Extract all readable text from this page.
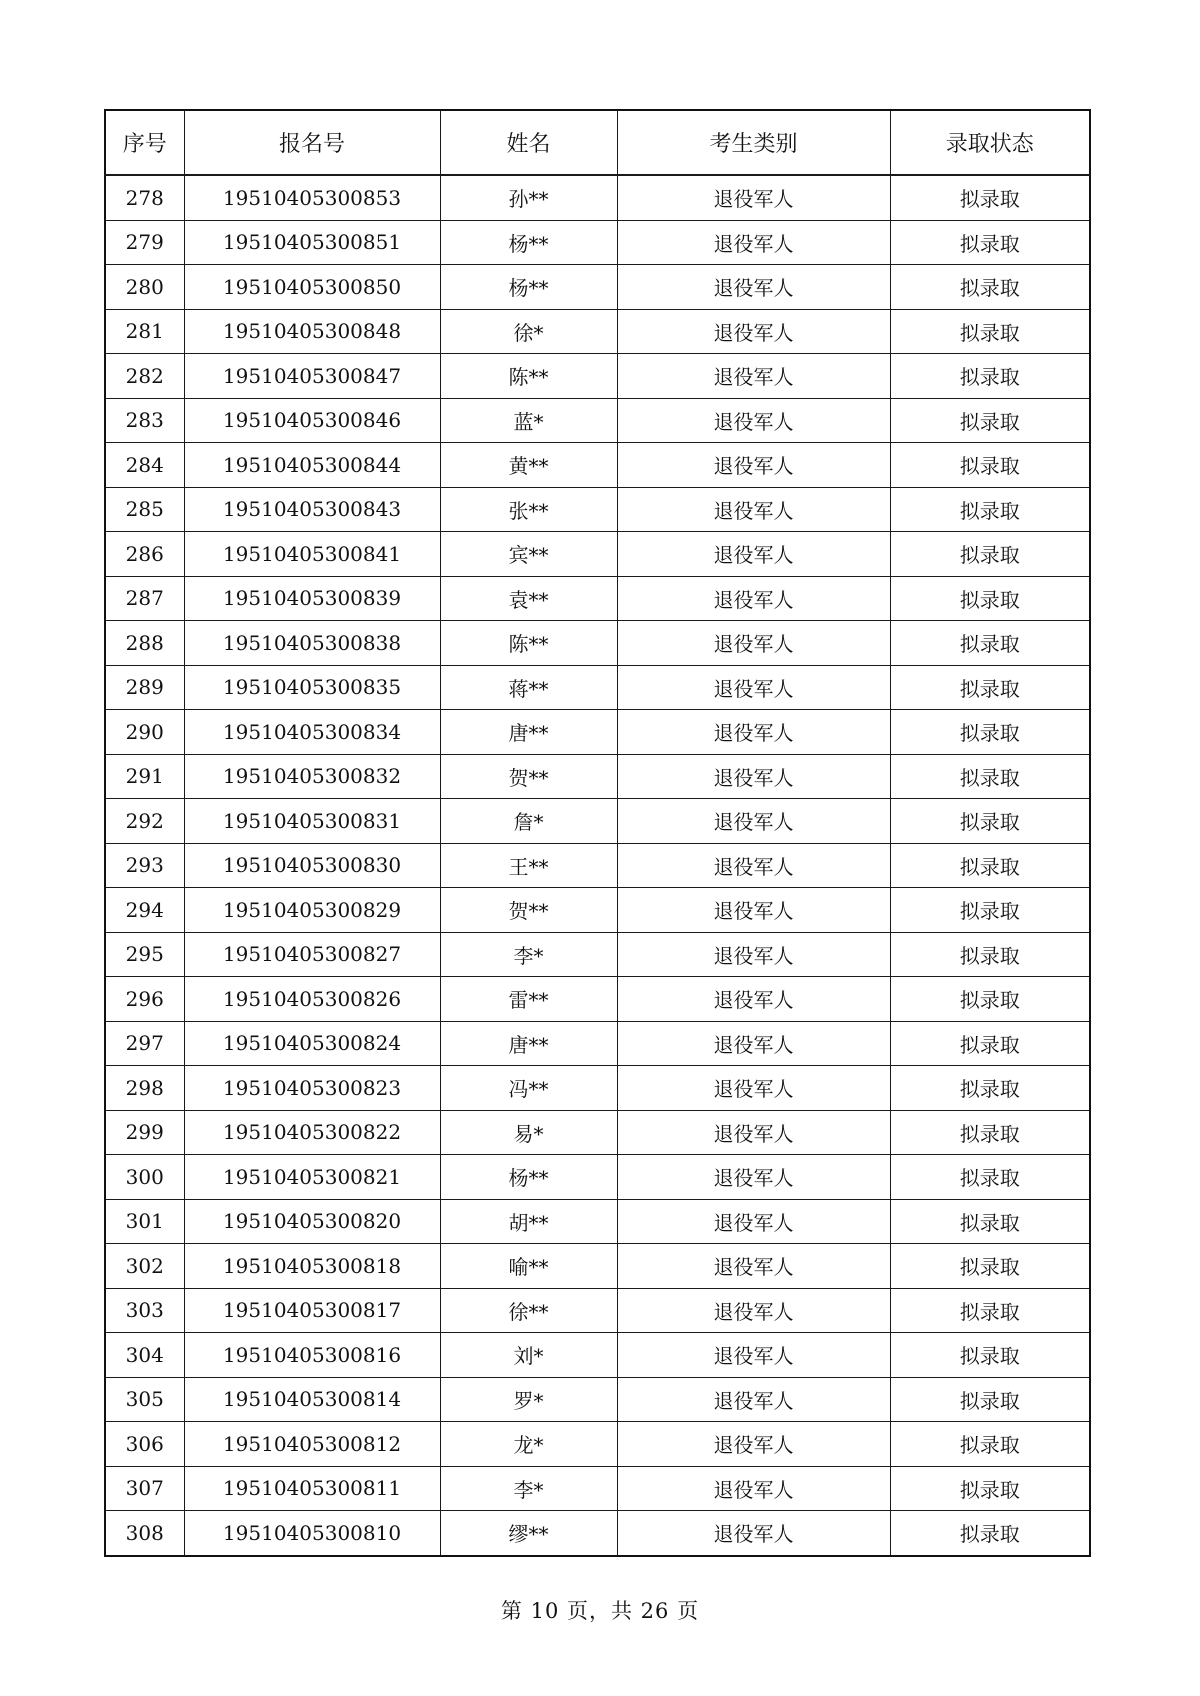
序号	报名号	姓名	考生类别	录取状态
278	19510405300853	孙**	退役军人	拟录取
279	19510405300851	杨**	退役军人	拟录取
280	19510405300850	杨**	退役军人	拟录取
281	19510405300848	徐*	退役军人	拟录取
282	19510405300847	陈**	退役军人	拟录取
283	19510405300846	蓝*	退役军人	拟录取
284	19510405300844	黄**	退役军人	拟录取
285	19510405300843	张**	退役军人	拟录取
286	19510405300841	宾**	退役军人	拟录取
287	19510405300839	袁**	退役军人	拟录取
288	19510405300838	陈**	退役军人	拟录取
289	19510405300835	蒋**	退役军人	拟录取
290	19510405300834	唐**	退役军人	拟录取
291	19510405300832	贺**	退役军人	拟录取
292	19510405300831	詹*	退役军人	拟录取
293	19510405300830	王**	退役军人	拟录取
294	19510405300829	贺**	退役军人	拟录取
295	19510405300827	李*	退役军人	拟录取
296	19510405300826	雷**	退役军人	拟录取
297	19510405300824	唐**	退役军人	拟录取
298	19510405300823	冯**	退役军人	拟录取
299	19510405300822	易*	退役军人	拟录取
300	19510405300821	杨**	退役军人	拟录取
301	19510405300820	胡**	退役军人	拟录取
302	19510405300818	喻**	退役军人	拟录取
303	19510405300817	徐**	退役军人	拟录取
304	19510405300816	刘*	退役军人	拟录取
305	19510405300814	罗*	退役军人	拟录取
306	19510405300812	龙*	退役军人	拟录取
307	19510405300811	李*	退役军人	拟录取
308	19510405300810	缪**	退役军人	拟录取
第 10 页，共 26 页
